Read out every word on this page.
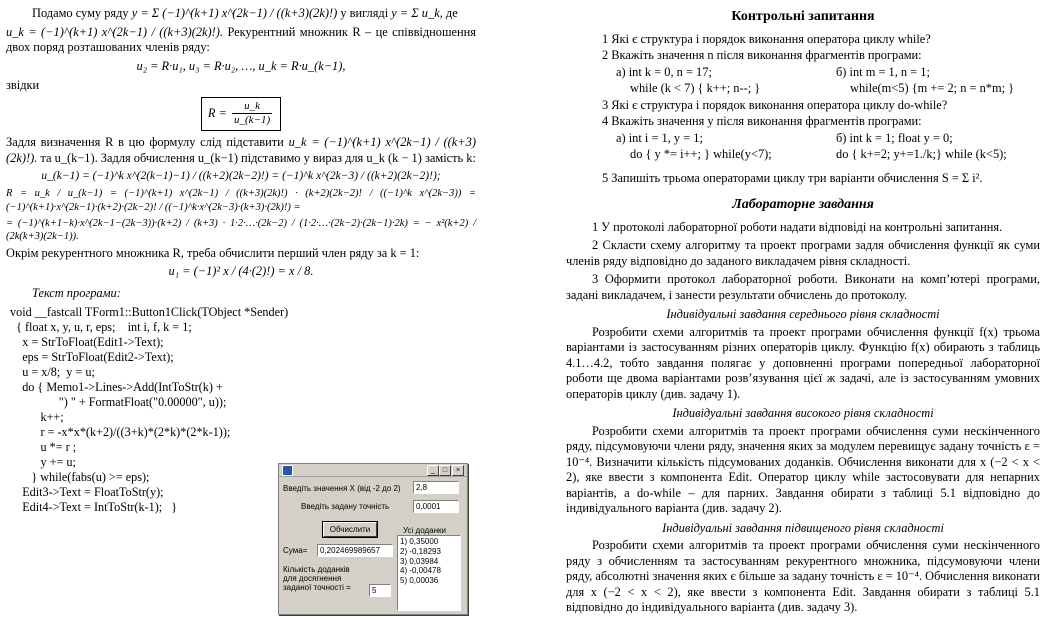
Подамо суму ряду y = Σ (−1)^(k+1) x^(2k−1) / ((k+3)(2k)!) у вигляді y = Σ u_k, де

u_k = (−1)^(k+1) x^(2k−1) / ((k+3)(2k)!). Рекурентний множник R – це співвідношення двох поряд розташованих членів ряду:

u₂ = R·u₁, u₃ = R·u₂, …, u_k = R·u_(k−1),

звідки

$R = \frac{u\_k}{u\_(k-1)}$

Задля визначення R в цю формулу слід підставити u_k = (−1)^(k+1) x^(2k−1) / ((k+3)(2k)!). та u_(k−1). Задля обчислення u_(k−1) підставимо у вираз для u_k (k − 1) замість k:

u_(k−1) = (−1)^k x^(2(k−1)−1) / ((k+2)(2k−2)!) = (−1)^k x^(2k−3) / ((k+2)(2k−2)!);

R = u_k / u_(k−1) = (−1)^(k+1) x^(2k−1) / ((k+3)(2k)!) · (k+2)(2k−2)! / ((−1)^k x^(2k−3)) = (−1)^(k+1)·x^(2k−1)·(k+2)·(2k−2)! / ((−1)^k·x^(2k−3)·(k+3)·(2k)!) =

= (−1)^(k+1−k)·x^(2k−1−(2k−3))·(k+2) / (k+3) · 1·2·…·(2k−2) / (1·2·…·(2k−2)·(2k−1)·2k) = − x²(k+2) / (2k(k+3)(2k−1)).

Окрім рекурентного множника R, треба обчислити перший член ряду за k = 1:

u₁ = (−1)² x / (4·(2)!) = x / 8.

Текст програми:

void __fastcall TForm1::Button1Click(TObject *Sender)
{ float x, y, u, r, eps;    int i, f, k = 1;
x = StrToFloat(Edit1->Text);
eps = StrToFloat(Edit2->Text);
u = x/8;  y = u;
do { Memo1->Lines->Add(IntToStr(k) +
") " + FormatFloat("0.00000", u));
k++;
r = -x*x*(k+2)/((3+k)*(2*k)*(2*k-1));
u *= r ;
y += u;
} while(fabs(u) >= eps);
Edit3->Text = FloatToStr(y);
Edit4->Text = IntToStr(k-1);   }
_	□	×
Введіть значення Х (від -2 до 2)	2,8
Введіть задану точність	0,0001
Обчислити	Усі доданки
Сума=	0,202469989657
Кількість доданків для досягнення заданої точності =	5
1) 0,35000
2) -0,18293
3) 0,03984
4) -0,00478
5) 0,00036
Контрольні запитання

1 Які є структура і порядок виконання оператора циклу while?

2 Вкажіть значення n після виконання фрагментів програми:

а) int k = 0, n = 17;	б) int m = 1, n = 1;
while (k < 7) { k++; n--; }	while(m<5) {m += 2; n = n*m; }

3 Які є структура і порядок виконання оператора циклу do-while?

4 Вкажіть значення y після виконання фрагментів програми:

а) int i = 1, y = 1;	б) int k = 1; float y = 0;
do { y *= i++; } while(y<7);	do { k+=2; y+=1./k;} while (k<5);

5 Запишіть трьома операторами циклу три варіанти обчислення S = Σ i².

Лабораторне завдання

1 У протоколі лабораторної роботи надати відповіді на контрольні запитання.

2 Скласти схему алгоритму та проект програми задля обчислення функції як суми членів ряду відповідно до заданого викладачем рівня складності.

3 Оформити протокол лабораторної роботи. Виконати на комп’ютері програми, задані викладачем, і занести результати обчислень до протоколу.

Індивідуальні завдання середнього рівня складності

Розробити схеми алгоритмів та проект програми обчислення функції f(x) трьома варіантами із застосуванням різних операторів циклу. Функцію f(x) обирають з таблиць 4.1…4.2, тобто завдання полягає у доповненні програми попередньої лабораторної роботи ще двома варіантами розв’язування цієї ж задачі, але із застосуванням умовних операторів циклу (див. задачу 1).

Індивідуальні завдання високого рівня складності

Розробити схеми алгоритмів та проект програми обчислення суми нескінченного ряду, підсумовуючи члени ряду, значення яких за модулем перевищує задану точність ε = 10⁻⁴. Визначити кількість підсумованих доданків. Обчислення виконати для x (−2 < x < 2), яке ввести з компонента Edit. Оператор циклу while застосовувати для непарних варіантів, а do-while – для парних. Завдання обирати з таблиці 5.1 відповідно до індивідуального варіанта (див. задачу 2).

Індивідуальні завдання підвищеного рівня складності

Розробити схеми алгоритмів та проект програми обчислення суми нескінченного ряду з обчисленням та застосуванням рекурентного множника, підсумовуючи члени ряду, абсолютні значення яких є більше за задану точність ε = 10⁻⁴. Обчислення виконати для x (−2 < x < 2), яке ввести з компонента Edit. Завдання обирати з таблиці 5.1 відповідно до індивідуального варіанта (див. задачу 3).
